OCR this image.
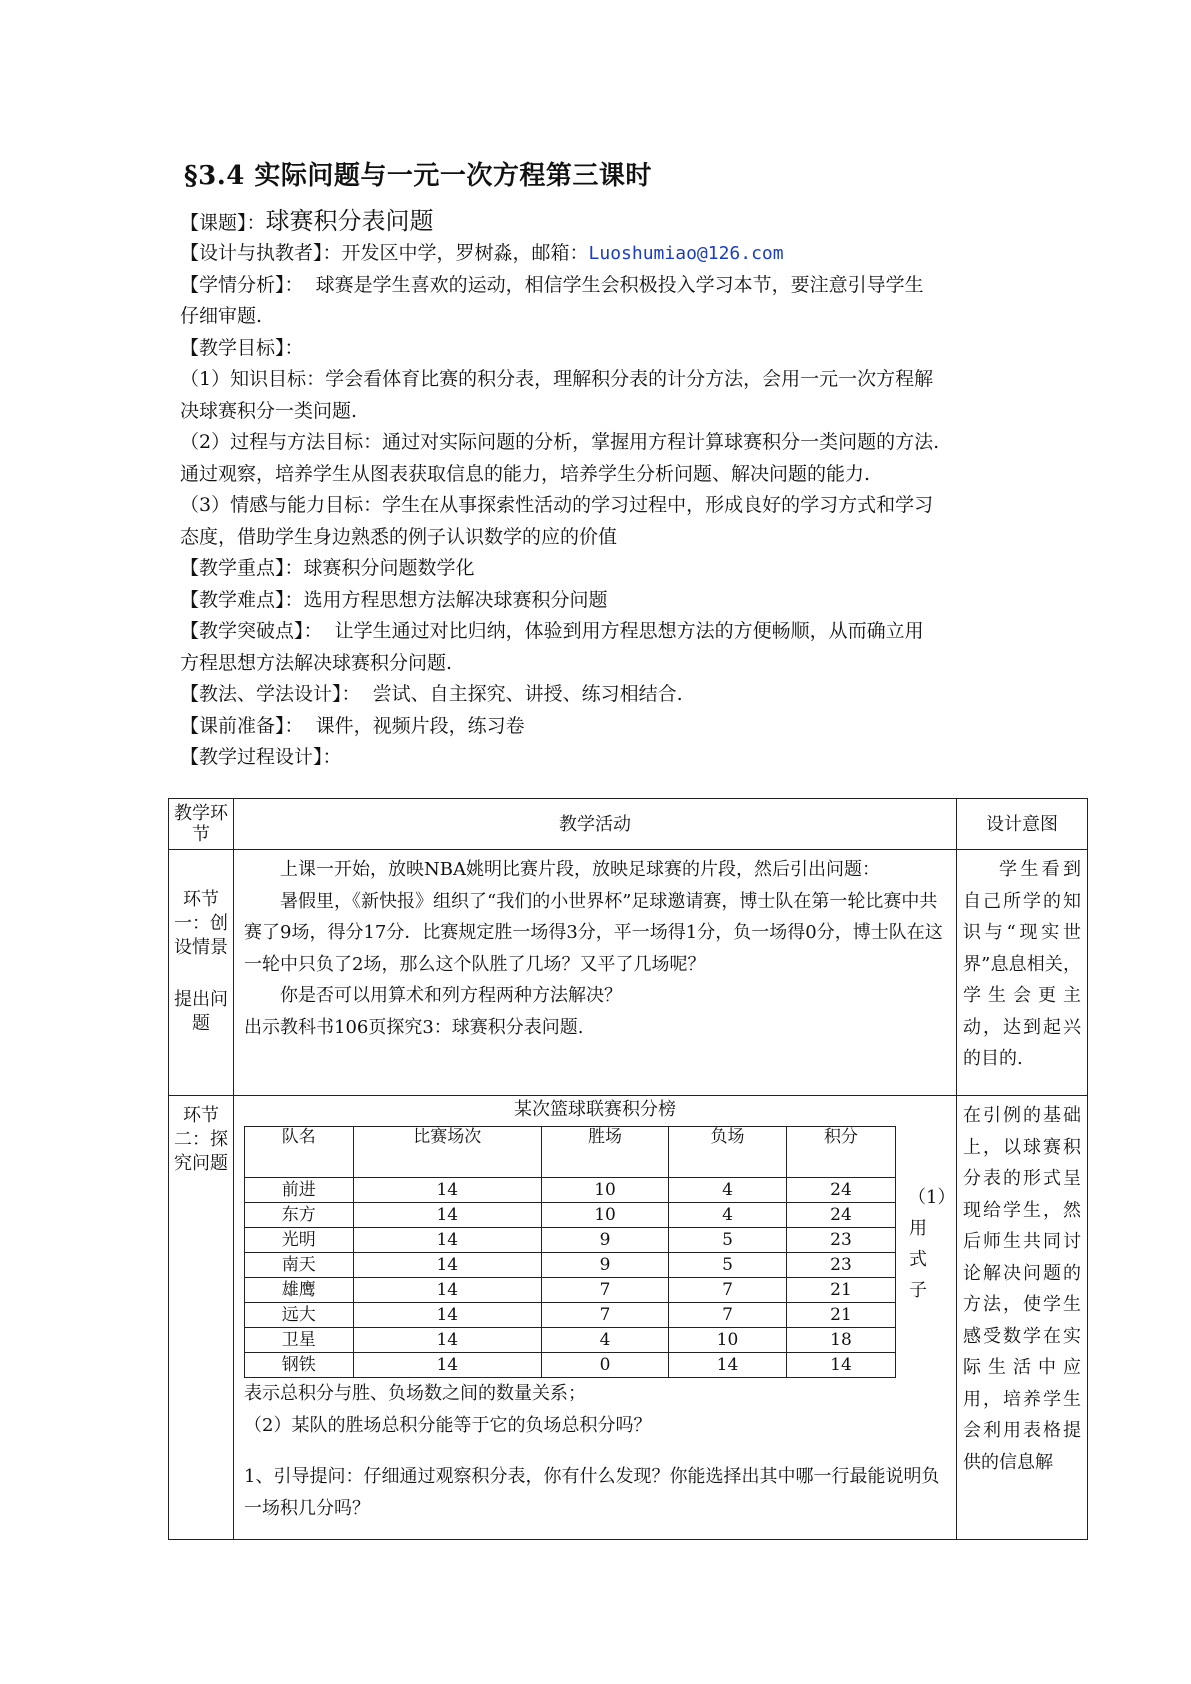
§3.4 实际问题与一元一次方程第三课时
【课题】：球赛积分表问题
【设计与执教者】：开发区中学，罗树淼，邮箱：Luoshumiao@126.com
【学情分析】：  球赛是学生喜欢的运动，相信学生会积极投入学习本节，要注意引导学生
仔细审题.
【教学目标】：
（1）知识目标：学会看体育比赛的积分表，理解积分表的计分方法，会用一元一次方程解
决球赛积分一类问题.
（2）过程与方法目标：通过对实际问题的分析，掌握用方程计算球赛积分一类问题的方法.
通过观察，培养学生从图表获取信息的能力，培养学生分析问题、解决问题的能力.
（3）情感与能力目标：学生在从事探索性活动的学习过程中，形成良好的学习方式和学习
态度，借助学生身边熟悉的例子认识数学的应的价值
【教学重点】：球赛积分问题数学化
【教学难点】：选用方程思想方法解决球赛积分问题
【教学突破点】：  让学生通过对比归纳，体验到用方程思想方法的方便畅顺，从而确立用
方程思想方法解决球赛积分问题.
【教法、学法设计】：  尝试、自主探究、讲授、练习相结合.
【课前准备】：  课件，视频片段，练习卷
【教学过程设计】：
教学环节	教学活动	设计意图

环节一：创设情景
提出问题

上课一开始，放映NBA姚明比赛片段，放映足球赛的片段，然后引出问题：
暑假里，《新快报》组织了“我们的小世界杯”足球邀请赛，博士队在第一轮比赛中共赛了9场，得分17分．比赛规定胜一场得3分，平一场得1分，负一场得0分，博士队在这一轮中只负了2场，那么这个队胜了几场？又平了几场呢？
你是否可以用算术和列方程两种方法解决？
出示教科书106页探究3：球赛积分表问题.
	学生看到自己所学的知识与“现实世界”息息相关，学生会更主动，达到起兴的目的.

环节二：探究问题

某次篮球联赛积分榜
队名	比赛场次	胜场	负场	积分
前进	14	10	4	24
东方	14	10	4	24
光明	14	9	5	23
南天	14	9	5	23
雄鹰	14	7	7	21
远大	14	7	7	21
卫星	14	4	10	18
钢铁	14	0	14	14
（1）用式子
表示总积分与胜、负场数之间的数量关系；
（2）某队的胜场总积分能等于它的负场总积分吗？
1、引导提问：仔细通过观察积分表，你有什么发现？你能选择出其中哪一行最能说明负一场积几分吗？
	在引例的基础上，以球赛积分表的形式呈现给学生，然后师生共同讨论解决问题的方法，使学生感受数学在实际生活中应用，培养学生会利用表格提供的信息解
